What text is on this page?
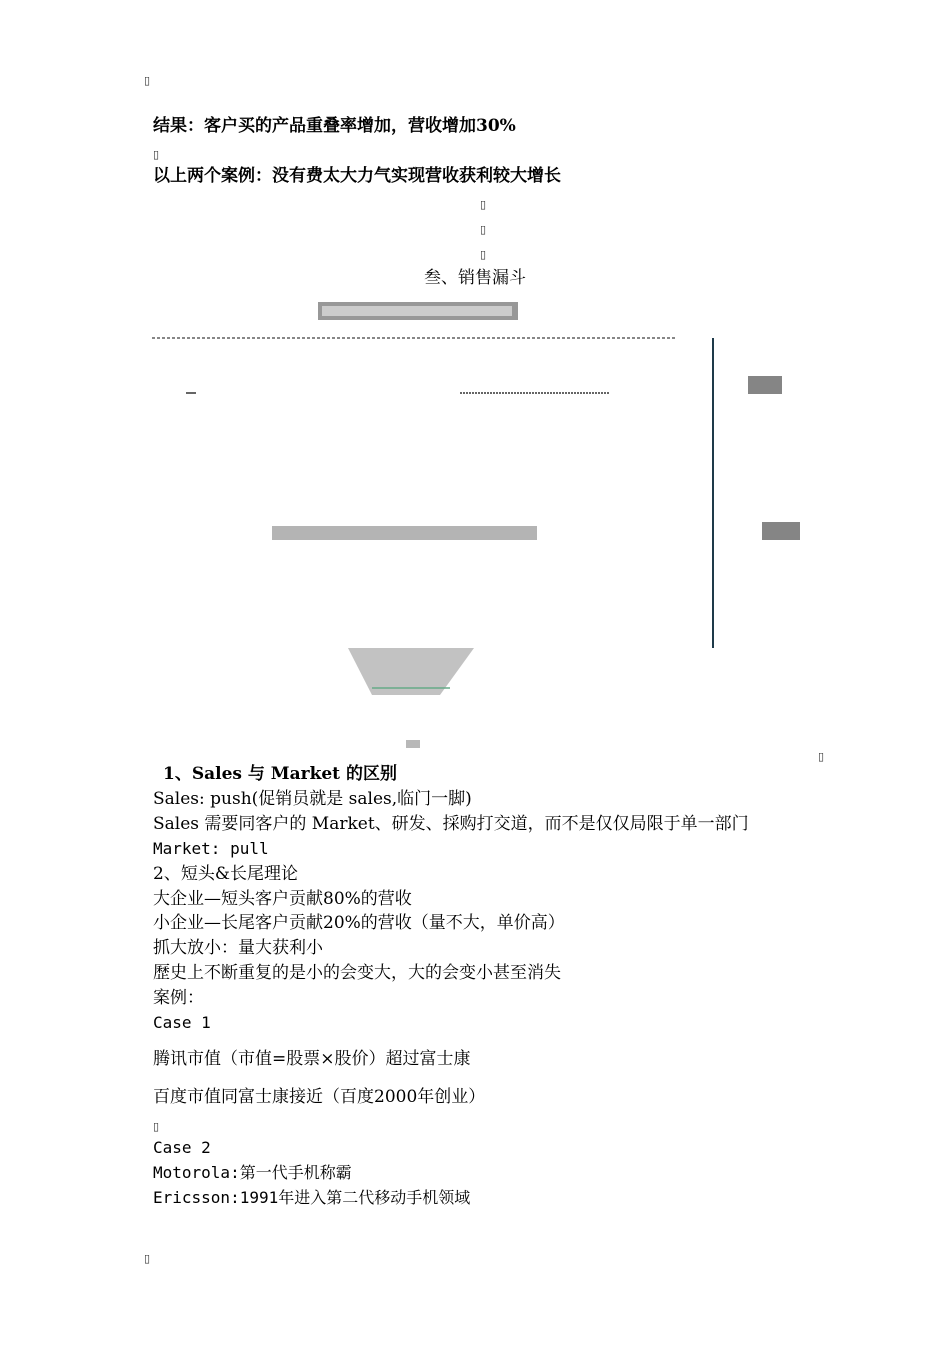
▯
▯
▯
▯
▯
▯
▯
▯
结果：客户买的产品重叠率增加，营收增加30%
以上两个案例：没有费太大力气实现营收获利较大增长
叁、销售漏斗
1、Sales 与 Market 的区别
Sales: push(促销员就是 sales,临门一脚)
Sales 需要同客户的 Market、研发、採购打交道，而不是仅仅局限于单一部门
Market: pull
2、短头&长尾理论
大企业—短头客户贡献80%的营收
小企业—长尾客户贡献20%的营收（量不大，单价高）
抓大放小：量大获利小
歷史上不断重复的是小的会变大，大的会变小甚至消失
案例：
Case 1
腾讯市值（市值=股票×股价）超过富士康
百度市值同富士康接近（百度2000年创业）
Case 2
Motorola:第一代手机称霸
Ericsson:1991年进入第二代移动手机领域
